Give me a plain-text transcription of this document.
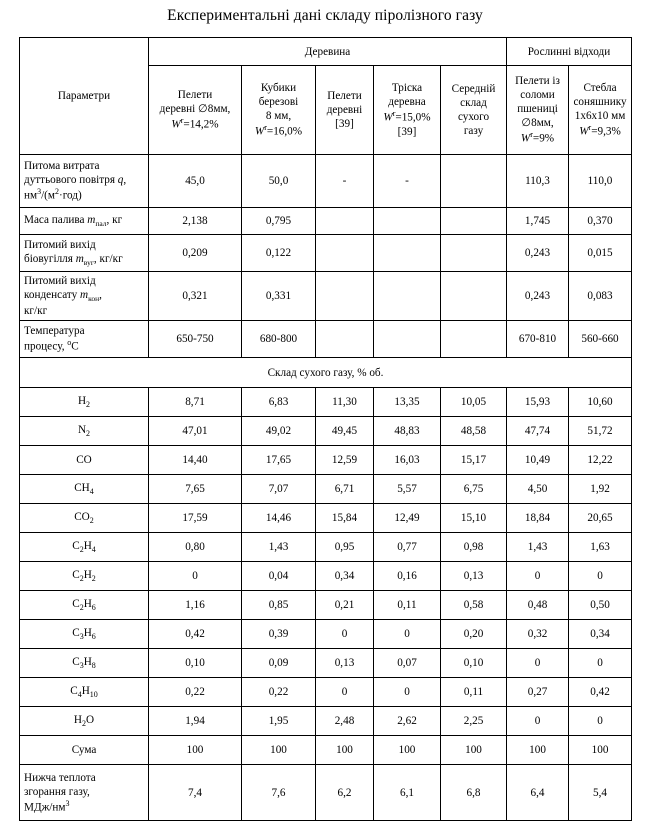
Експериментальні дані складу піролізного газу
Параметри	Деревина					Рослинні відходи	
	Пелети
деревні ∅8мм,
$W^r=14,2\%$	Кубики
березові
8 мм,
$W^r=16,0\%$	Пелети
деревні
[39]	Тріска
деревна
$W^r=15,0\%$
[39]	Середній
склад
сухого
газу	Пелети із
соломи
пшениці
∅8мм,
$W^r=9\%$	Стебла
соняшнику
1х6х10 мм
$W^r=9,3\%$
Питома витрата
дуттьового повітря q,
$нм^3/(м^2\cdot год)$	45,0	50,0	-	-		110,3	110,0
Маса палива $m_{пал}$, кг	2,138	0,795				1,745	0,370
Питомий вихід
біовугілля $m_{вуг}$, кг/кг	0,209	0,122				0,243	0,015
Питомий вихід
конденсату $m_{кон}$,
кг/кг	0,321	0,331				0,243	0,083
Температура
процесу, $^o$С	650-750	680-800				670-810	560-660
Склад сухого газу, % об.							
$H_2$	8,71	6,83	11,30	13,35	10,05	15,93	10,60
$N_2$	47,01	49,02	49,45	48,83	48,58	47,74	51,72
CO	14,40	17,65	12,59	16,03	15,17	10,49	12,22
$CH_4$	7,65	7,07	6,71	5,57	6,75	4,50	1,92
$CO_2$	17,59	14,46	15,84	12,49	15,10	18,84	20,65
$C_2H_4$	0,80	1,43	0,95	0,77	0,98	1,43	1,63
$C_2H_2$	0	0,04	0,34	0,16	0,13	0	0
$C_2H_6$	1,16	0,85	0,21	0,11	0,58	0,48	0,50
$C_3H_6$	0,42	0,39	0	0	0,20	0,32	0,34
$C_3H_8$	0,10	0,09	0,13	0,07	0,10	0	0
$C_4H_{10}$	0,22	0,22	0	0	0,11	0,27	0,42
$H_2O$	1,94	1,95	2,48	2,62	2,25	0	0
Сума	100	100	100	100	100	100	100
Нижча теплота
згорання газу,
МДж/$нм^3$	7,4	7,6	6,2	6,1	6,8	6,4	5,4
